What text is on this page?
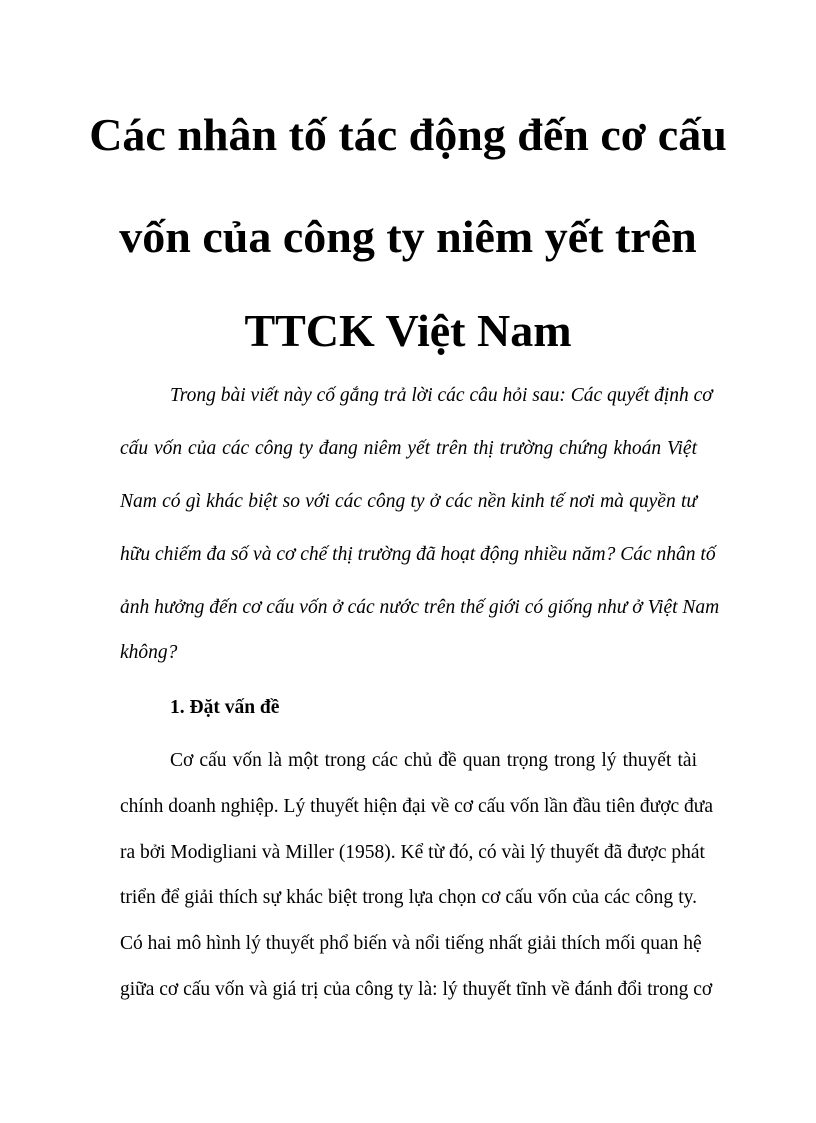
Các nhân tố tác động đến cơ cấu
vốn của công ty niêm yết trên
TTCK Việt Nam
Trong bài viết này cố gắng trả lời các câu hỏi sau: Các quyết định cơ
cấu vốn của các công ty đang niêm yết trên thị trường chứng khoán Việt
Nam có gì khác biệt so với các công ty ở các nền kinh tế nơi mà quyền tư
hữu chiếm đa số và cơ chế thị trường đã hoạt động nhiều năm? Các nhân tố
ảnh hưởng đến cơ cấu vốn ở các nước trên thế giới có giống như ở Việt Nam
không?
1. Đặt vấn đề
Cơ cấu vốn là một trong các chủ đề quan trọng trong lý thuyết tài
chính doanh nghiệp. Lý thuyết hiện đại về cơ cấu vốn lần đầu tiên được đưa
ra bởi Modigliani và Miller (1958). Kể từ đó, có vài lý thuyết đã được phát
triển để giải thích sự khác biệt trong lựa chọn cơ cấu vốn của các công ty.
Có hai mô hình lý thuyết phổ biến và nổi tiếng nhất giải thích mối quan hệ
giữa cơ cấu vốn và giá trị của công ty là: lý thuyết tĩnh về đánh đổi trong cơ
